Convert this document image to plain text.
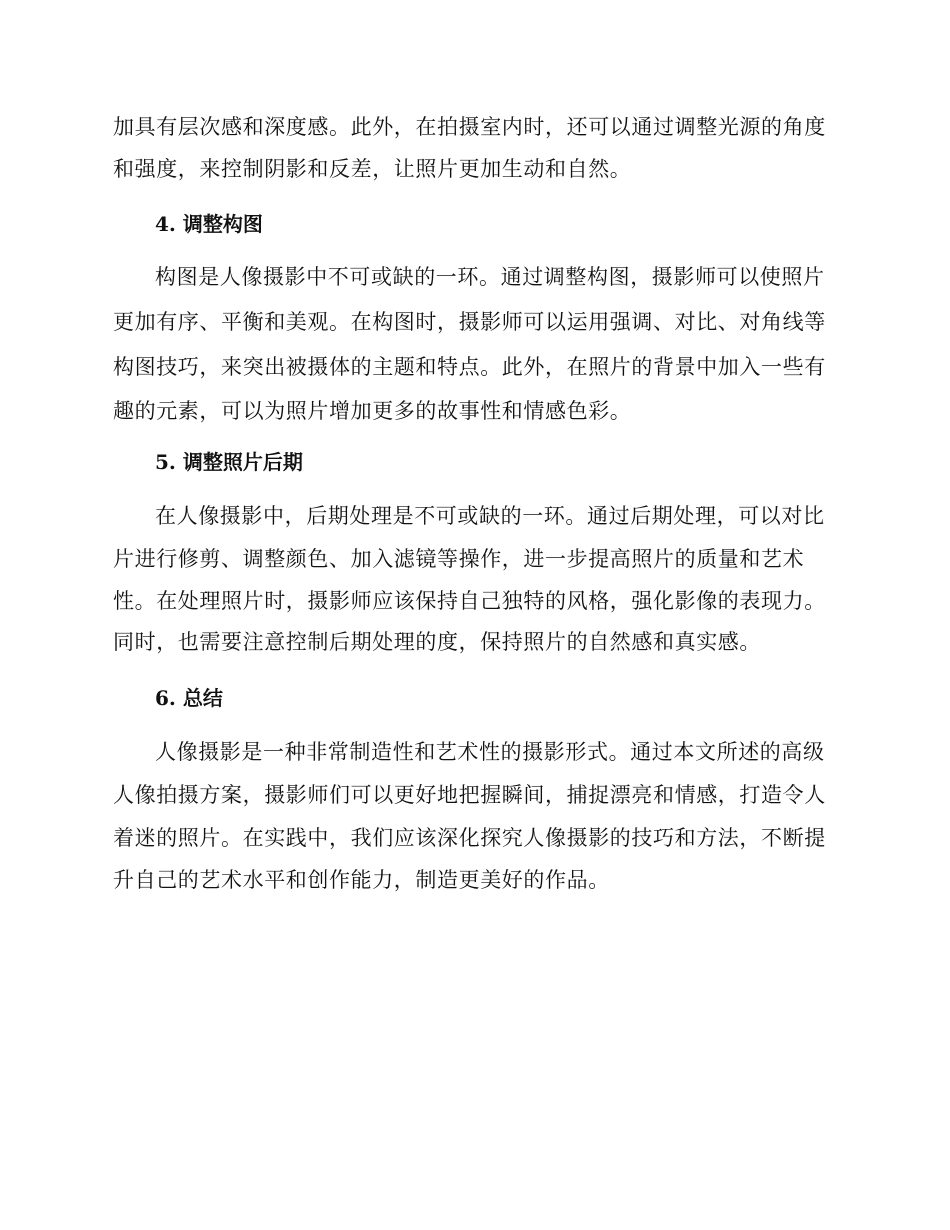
加具有层次感和深度感。此外，在拍摄室内时，还可以通过调整光源的角度
和强度，来控制阴影和反差，让照片更加生动和自然。
4. 调整构图
构图是人像摄影中不可或缺的一环。通过调整构图，摄影师可以使照片
更加有序、平衡和美观。在构图时，摄影师可以运用强调、对比、对角线等
构图技巧，来突出被摄体的主题和特点。此外，在照片的背景中加入一些有
趣的元素，可以为照片增加更多的故事性和情感色彩。
5. 调整照片后期
在人像摄影中，后期处理是不可或缺的一环。通过后期处理，可以对比
片进行修剪、调整颜色、加入滤镜等操作，进一步提高照片的质量和艺术
性。在处理照片时，摄影师应该保持自己独特的风格，强化影像的表现力。
同时，也需要注意控制后期处理的度，保持照片的自然感和真实感。
6. 总结
人像摄影是一种非常制造性和艺术性的摄影形式。通过本文所述的高级
人像拍摄方案，摄影师们可以更好地把握瞬间，捕捉漂亮和情感，打造令人
着迷的照片。在实践中，我们应该深化探究人像摄影的技巧和方法，不断提
升自己的艺术水平和创作能力，制造更美好的作品。
